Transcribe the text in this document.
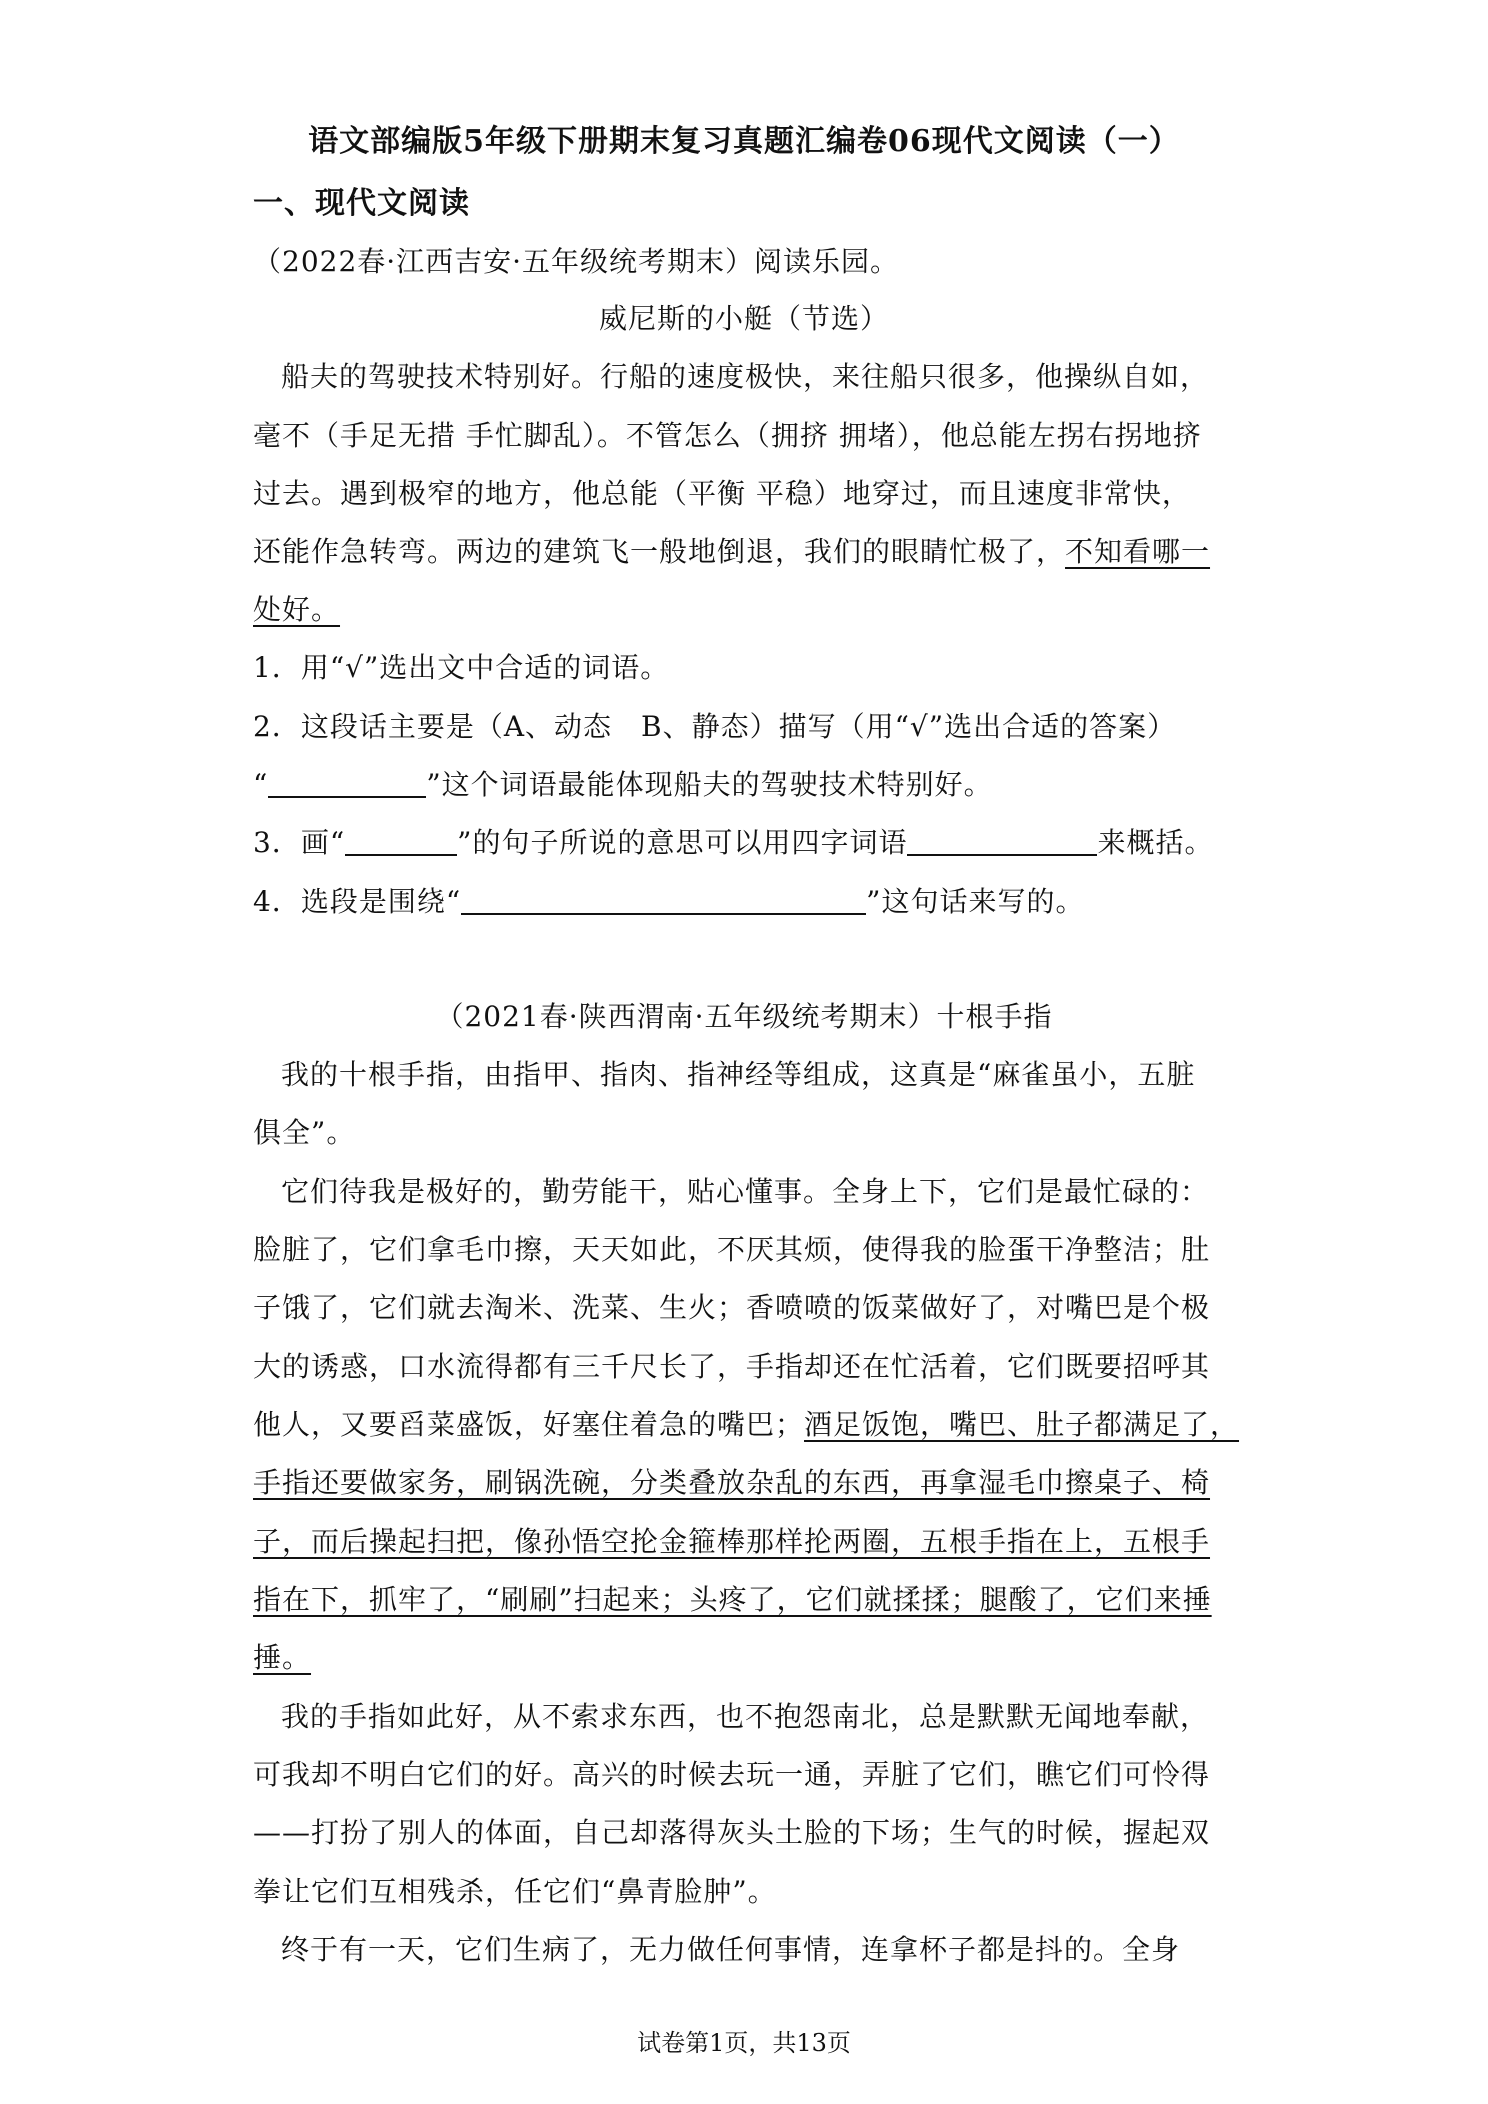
语文部编版5年级下册期末复习真题汇编卷06现代文阅读（一）

一、现代文阅读

（2022春·江西吉安·五年级统考期末）阅读乐园。

威尼斯的小艇（节选）

船夫的驾驶技术特别好。行船的速度极快，来往船只很多，他操纵自如，

毫不（手足无措 手忙脚乱）。不管怎么（拥挤 拥堵），他总能左拐右拐地挤

过去。遇到极窄的地方，他总能（平衡 平稳）地穿过，而且速度非常快，

还能作急转弯。两边的建筑飞一般地倒退，我们的眼睛忙极了，不知看哪一

处好。

1．用“√”选出文中合适的词语。

2．这段话主要是（A、动态　B、静态）描写（用“√”选出合适的答案）

“	”这个词语最能体现船夫的驾驶技术特别好。

3．画“	”的句子所说的意思可以用四字词语	来概括。

4．选段是围绕“	”这句话来写的。

（2021春·陕西渭南·五年级统考期末）十根手指

我的十根手指，由指甲、指肉、指神经等组成，这真是“麻雀虽小，五脏

俱全”。

它们待我是极好的，勤劳能干，贴心懂事。全身上下，它们是最忙碌的：

脸脏了，它们拿毛巾擦，天天如此，不厌其烦，使得我的脸蛋干净整洁；肚

子饿了，它们就去淘米、洗菜、生火；香喷喷的饭菜做好了，对嘴巴是个极

大的诱惑，口水流得都有三千尺长了，手指却还在忙活着，它们既要招呼其

他人，又要舀菜盛饭，好塞住着急的嘴巴；酒足饭饱，嘴巴、肚子都满足了，

手指还要做家务，刷锅洗碗，分类叠放杂乱的东西，再拿湿毛巾擦桌子、椅

子，而后操起扫把，像孙悟空抡金箍棒那样抡两圈，五根手指在上，五根手

指在下，抓牢了，“刷刷”扫起来；头疼了，它们就揉揉；腿酸了，它们来捶

捶。

我的手指如此好，从不索求东西，也不抱怨南北，总是默默无闻地奉献，

可我却不明白它们的好。高兴的时候去玩一通，弄脏了它们，瞧它们可怜得

——打扮了别人的体面，自己却落得灰头土脸的下场；生气的时候，握起双

拳让它们互相残杀，任它们“鼻青脸肿”。

终于有一天，它们生病了，无力做任何事情，连拿杯子都是抖的。全身

试卷第1页，共13页
